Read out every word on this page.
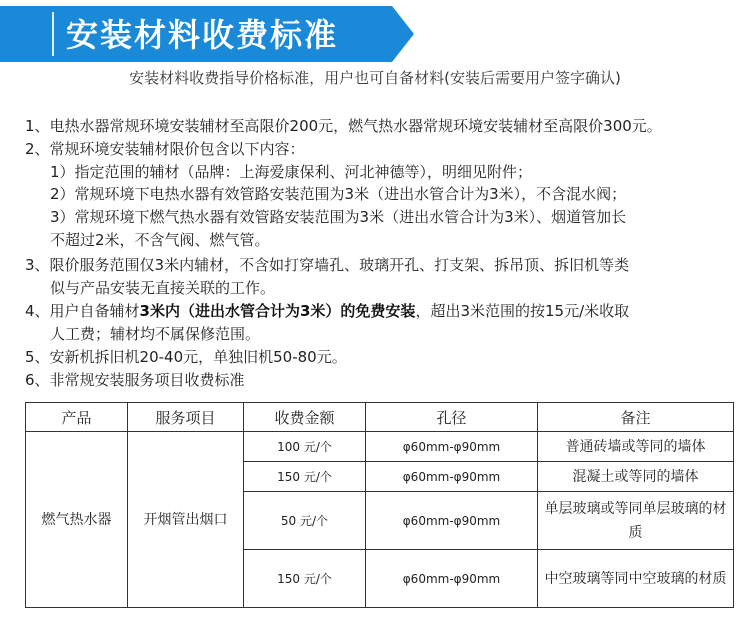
安装材料收费标准
安装材料收费指导价格标准，用户也可自备材料(安装后需要用户签字确认)
1、电热水器常规环境安装辅材至高限价200元，燃气热水器常规环境安装辅材至高限价300元。
2、常规环境安装辅材限价包含以下内容：
1）指定范围的辅材（品牌：上海爱康保利、河北神德等），明细见附件；
2）常规环境下电热水器有效管路安装范围为3米（进出水管合计为3米），不含混水阀；
3）常规环境下燃气热水器有效管路安装范围为3米（进出水管合计为3米）、烟道管加长
不超过2米，不含气阀、燃气管。
3、限价服务范围仅3米内辅材，不含如打穿墙孔、玻璃开孔、打支架、拆吊顶、拆旧机等类
似与产品安装无直接关联的工作。
4、用户自备辅材3米内（进出水管合计为3米）的免费安装，超出3米范围的按15元/米收取
人工费；辅材均不属保修范围。
5、安新机拆旧机20-40元，单独旧机50-80元。
6、非常规安装服务项目收费标准
产品	服务项目	收费金额	孔径	备注
燃气热水器	开烟管出烟口	100 元/个	φ60mm-φ90mm	普通砖墙或等同的墙体
		150 元/个	φ60mm-φ90mm	混凝土或等同的墙体
		50 元/个	φ60mm-φ90mm	单层玻璃或等同单层玻璃的材质
		150 元/个	φ60mm-φ90mm	中空玻璃等同中空玻璃的材质
